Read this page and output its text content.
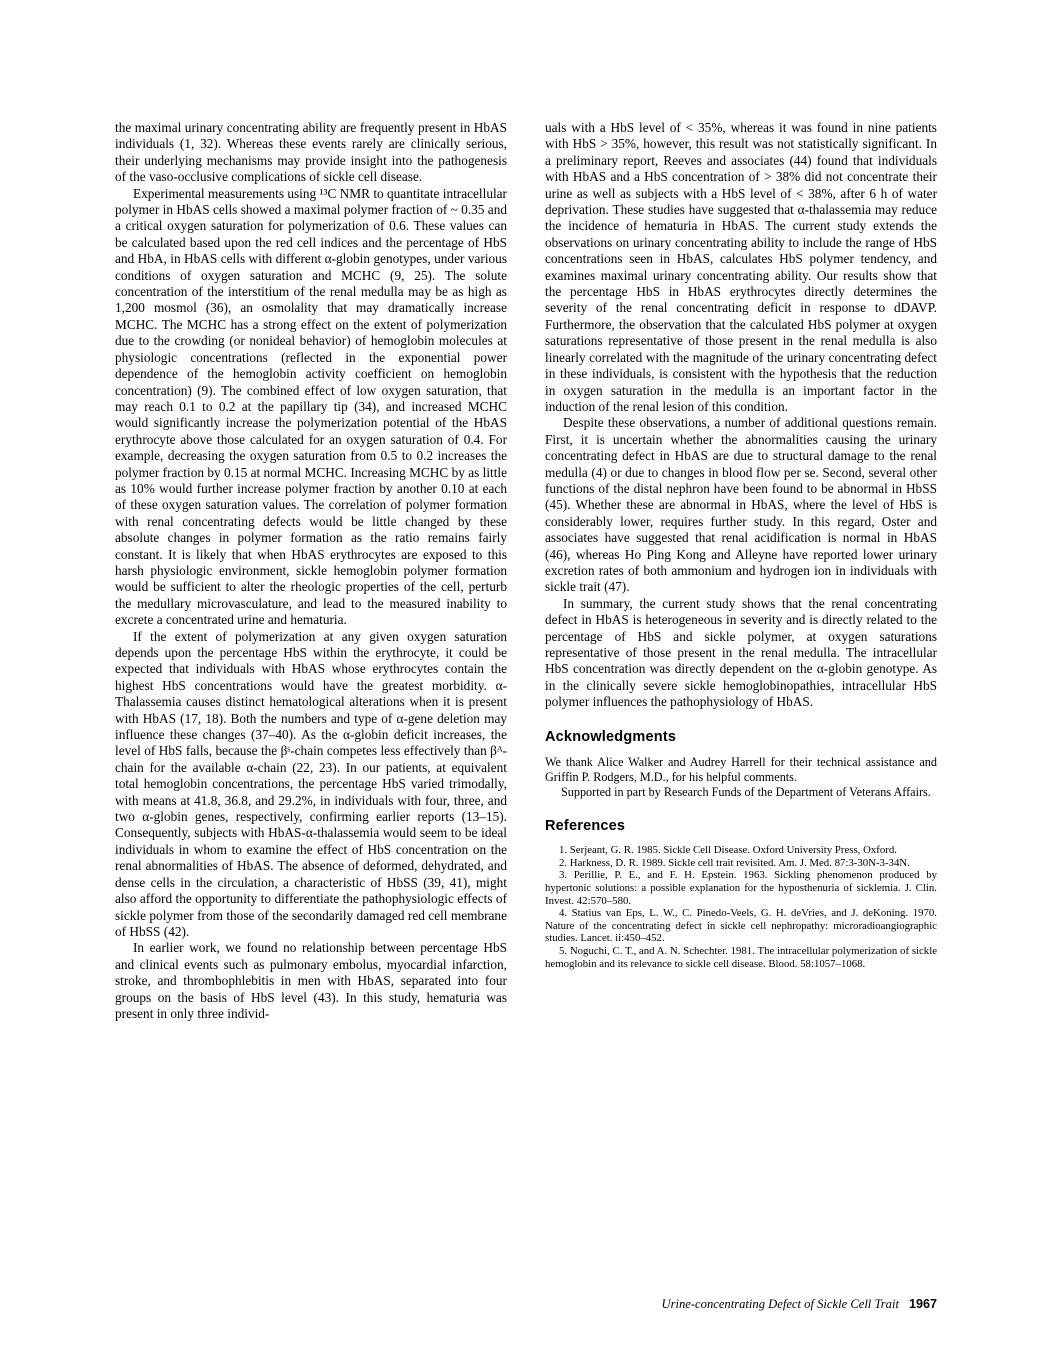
the maximal urinary concentrating ability are frequently present in HbAS individuals (1, 32). Whereas these events rarely are clinically serious, their underlying mechanisms may provide insight into the pathogenesis of the vaso-occlusive complications of sickle cell disease.

Experimental measurements using ¹³C NMR to quantitate intracellular polymer in HbAS cells showed a maximal polymer fraction of ~ 0.35 and a critical oxygen saturation for polymerization of 0.6. These values can be calculated based upon the red cell indices and the percentage of HbS and HbA, in HbAS cells with different α-globin genotypes, under various conditions of oxygen saturation and MCHC (9, 25). The solute concentration of the interstitium of the renal medulla may be as high as 1,200 mosmol (36), an osmolality that may dramatically increase MCHC. The MCHC has a strong effect on the extent of polymerization due to the crowding (or nonideal behavior) of hemoglobin molecules at physiologic concentrations (reflected in the exponential power dependence of the hemoglobin activity coefficient on hemoglobin concentration) (9). The combined effect of low oxygen saturation, that may reach 0.1 to 0.2 at the papillary tip (34), and increased MCHC would significantly increase the polymerization potential of the HbAS erythrocyte above those calculated for an oxygen saturation of 0.4. For example, decreasing the oxygen saturation from 0.5 to 0.2 increases the polymer fraction by 0.15 at normal MCHC. Increasing MCHC by as little as 10% would further increase polymer fraction by another 0.10 at each of these oxygen saturation values. The correlation of polymer formation with renal concentrating defects would be little changed by these absolute changes in polymer formation as the ratio remains fairly constant. It is likely that when HbAS erythrocytes are exposed to this harsh physiologic environment, sickle hemoglobin polymer formation would be sufficient to alter the rheologic properties of the cell, perturb the medullary microvasculature, and lead to the measured inability to excrete a concentrated urine and hematuria.

If the extent of polymerization at any given oxygen saturation depends upon the percentage HbS within the erythrocyte, it could be expected that individuals with HbAS whose erythrocytes contain the highest HbS concentrations would have the greatest morbidity. α-Thalassemia causes distinct hematological alterations when it is present with HbAS (17, 18). Both the numbers and type of α-gene deletion may influence these changes (37–40). As the α-globin deficit increases, the level of HbS falls, because the βˢ-chain competes less effectively than βᴬ-chain for the available α-chain (22, 23). In our patients, at equivalent total hemoglobin concentrations, the percentage HbS varied trimodally, with means at 41.8, 36.8, and 29.2%, in individuals with four, three, and two α-globin genes, respectively, confirming earlier reports (13–15). Consequently, subjects with HbAS-α-thalassemia would seem to be ideal individuals in whom to examine the effect of HbS concentration on the renal abnormalities of HbAS. The absence of deformed, dehydrated, and dense cells in the circulation, a characteristic of HbSS (39, 41), might also afford the opportunity to differentiate the pathophysiologic effects of sickle polymer from those of the secondarily damaged red cell membrane of HbSS (42).

In earlier work, we found no relationship between percentage HbS and clinical events such as pulmonary embolus, myocardial infarction, stroke, and thrombophlebitis in men with HbAS, separated into four groups on the basis of HbS level (43). In this study, hematuria was present in only three individ-

uals with a HbS level of < 35%, whereas it was found in nine patients with HbS > 35%, however, this result was not statistically significant. In a preliminary report, Reeves and associates (44) found that individuals with HbAS and a HbS concentration of > 38% did not concentrate their urine as well as subjects with a HbS level of < 38%, after 6 h of water deprivation. These studies have suggested that α-thalassemia may reduce the incidence of hematuria in HbAS. The current study extends the observations on urinary concentrating ability to include the range of HbS concentrations seen in HbAS, calculates HbS polymer tendency, and examines maximal urinary concentrating ability. Our results show that the percentage HbS in HbAS erythrocytes directly determines the severity of the renal concentrating deficit in response to dDAVP. Furthermore, the observation that the calculated HbS polymer at oxygen saturations representative of those present in the renal medulla is also linearly correlated with the magnitude of the urinary concentrating defect in these individuals, is consistent with the hypothesis that the reduction in oxygen saturation in the medulla is an important factor in the induction of the renal lesion of this condition.

Despite these observations, a number of additional questions remain. First, it is uncertain whether the abnormalities causing the urinary concentrating defect in HbAS are due to structural damage to the renal medulla (4) or due to changes in blood flow per se. Second, several other functions of the distal nephron have been found to be abnormal in HbSS (45). Whether these are abnormal in HbAS, where the level of HbS is considerably lower, requires further study. In this regard, Oster and associates have suggested that renal acidification is normal in HbAS (46), whereas Ho Ping Kong and Alleyne have reported lower urinary excretion rates of both ammonium and hydrogen ion in individuals with sickle trait (47).

In summary, the current study shows that the renal concentrating defect in HbAS is heterogeneous in severity and is directly related to the percentage of HbS and sickle polymer, at oxygen saturations representative of those present in the renal medulla. The intracellular HbS concentration was directly dependent on the α-globin genotype. As in the clinically severe sickle hemoglobinopathies, intracellular HbS polymer influences the pathophysiology of HbAS.

Acknowledgments

We thank Alice Walker and Audrey Harrell for their technical assistance and Griffin P. Rodgers, M.D., for his helpful comments.

Supported in part by Research Funds of the Department of Veterans Affairs.

References

1. Serjeant, G. R. 1985. Sickle Cell Disease. Oxford University Press, Oxford.

2. Harkness, D. R. 1989. Sickle cell trait revisited. Am. J. Med. 87:3-30N-3-34N.

3. Perillie, P. E., and F. H. Epstein. 1963. Sickling phenomenon produced by hypertonic solutions: a possible explanation for the hyposthenuria of sicklemia. J. Clin. Invest. 42:570–580.

4. Statius van Eps, L. W., C. Pinedo-Veels, G. H. deVries, and J. deKoning. 1970. Nature of the concentrating defect in sickle cell nephropathy: microradioangiographic studies. Lancet. ii:450–452.

5. Noguchi, C. T., and A. N. Schechter. 1981. The intracellular polymerization of sickle hemoglobin and its relevance to sickle cell disease. Blood. 58:1057–1068.

Urine-concentrating Defect of Sickle Cell Trait 1967
